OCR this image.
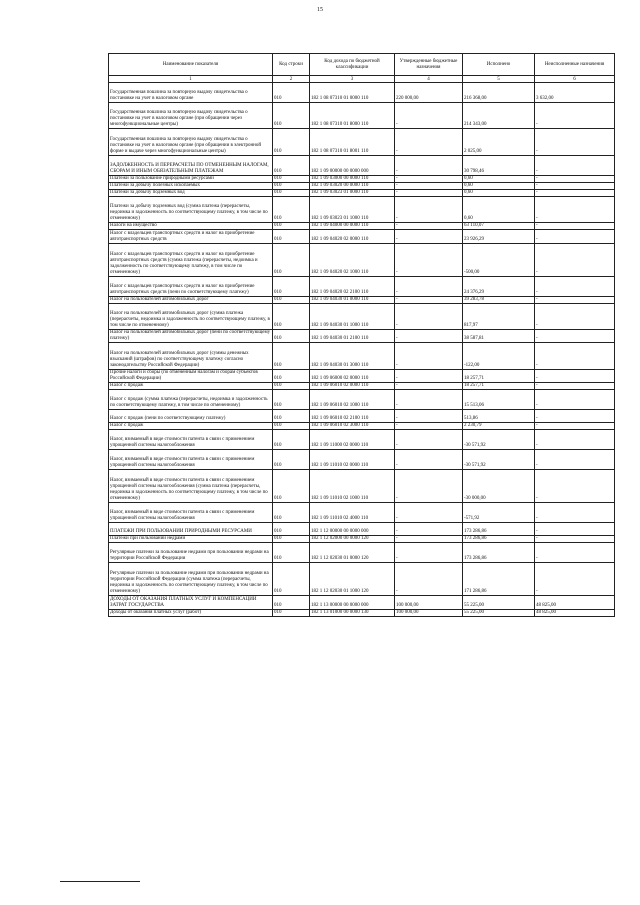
15
Наименование показателя	Код строки	Код дохода по бюджетной классификации	Утвержденные бюджетные назначения	Исполнено	Неисполненные назначения
1	2	3	4	5	6
Государственная пошлина за повторную выдачу свидетельства о постановке на учет в налоговом органе	010	182 1 08 07310 01 0000 110	220 000,00	216 368,00	3 632,00
Государственная пошлина за повторную выдачу свидетельства о постановке на учет в налоговом органе (при обращении через многофункциональные центры)	010	182 1 08 07310 01 8000 110	-	214 343,00	-
Государственная пошлина за повторную выдачу свидетельства о постановке на учет в налоговом органе (при обращении в электронной форме и выдаче через многофункциональные центры)	010	182 1 08 07310 01 8001 110	-	2 025,00	-
ЗАДОЛЖЕННОСТЬ И ПЕРЕРАСЧЕТЫ ПО ОТМЕНЕННЫМ НАЛОГАМ, СБОРАМ И ИНЫМ ОБЯЗАТЕЛЬНЫМ ПЛАТЕЖАМ	010	182 1 09 00000 00 0000 000	-	30 798,46	-
Платежи за пользование природными ресурсами	010	182 1 09 03000 00 0000 110	-	0,60	-
Платежи за добычу полезных ископаемых	010	182 1 09 03020 00 0000 110	-	0,60	-
Платежи за добычу подземных вод	010	182 1 09 03023 01 0000 110	-	0,60	-
Платежи за добычу подземных вод (сумма платежа (перерасчеты, недоимка и задолженность по соответствующему платежу, в том числе по отмененному)	010	182 1 09 03023 01 1000 110	-	0,60	-
Налоги на имущество	010	182 1 09 04000 00 0000 110	-	63 110,07	-
Налог с владельцев транспортных средств и налог на приобретение автотранспортных средств	010	182 1 09 04020 02 0000 110	-	23 926,29	-
Налог с владельцев транспортных средств и налог на приобретение автотранспортных средств (сумма платежа (перерасчеты, недоимка и задолженность по соответствующему платежу, в том числе по отмененному)	010	182 1 09 04020 02 1000 110	-	-500,00	-
Налог с владельцев транспортных средств и налог на приобретение автотранспортных средств (пени по соответствующему платежу)	010	182 1 09 04020 02 2100 110	-	24 376,29	-
Налог на пользователей автомобильных дорог	010	182 1 09 04030 01 0000 110	-	39 283,78	-
Налог на пользователей автомобильных дорог (сумма платежа (перерасчеты, недоимка и задолженность по соответствующему платежу, в том числе по отмененному)	010	182 1 09 04030 01 1000 110	-	817,97	-
Налог на пользователей автомобильных дорог (пени по соответствующему платежу)	010	182 1 09 04030 01 2100 110	-	38 587,81	-
Налог на пользователей автомобильных дорог (суммы денежных взысканий (штрафов) по соответствующему платежу согласно законодательству Российской Федерации)	010	182 1 09 04030 01 3000 110	-	-122,00	-
Прочие налоги и сборы (по отмененным налогам и сборам субъектов Российской Федерации)	010	182 1 09 06000 02 0000 110	-	18 257,71	-
Налог с продаж	010	182 1 09 06010 02 0000 110	-	18 257,71	-
Налог с продаж (сумма платежа (перерасчеты, недоимка и задолженность по соответствующему платежу, в том числе по отмененному)	010	182 1 09 06010 02 1000 110	-	15 513,06	-
Налог с продаж (пени по соответствующему платежу)	010	182 1 09 06010 02 2100 110	-	513,86	-
Налог с продаж	010	182 1 09 06010 02 3000 110	-	2 230,79	-
Налог, взимаемый в виде стоимости патента в связи с применением упрощенной системы налогообложения	010	182 1 09 11000 02 0000 110	-	-30 571,92	-
Налог, взимаемый в виде стоимости патента в связи с применением упрощенной системы налогообложения	010	182 1 09 11010 02 0000 110	-	-30 571,92	-
Налог, взимаемый в виде стоимости патента в связи с применением упрощенной системы налогообложения (сумма платежа (перерасчеты, недоимка и задолженность по соответствующему платежу, в том числе по отмененному)	010	182 1 09 11010 02 1000 110	-	-30 000,00	-
Налог, взимаемый в виде стоимости патента в связи с применением упрощенной системы налогообложения	010	182 1 09 11010 02 4000 110	-	-571,92	-
ПЛАТЕЖИ ПРИ ПОЛЬЗОВАНИИ ПРИРОДНЫМИ РЕСУРСАМИ	010	182 1 12 00000 00 0000 000	-	173 286,86	-
Платежи при пользовании недрами	010	182 1 12 02000 00 0000 120	-	173 286,86	-
Регулярные платежи за пользование недрами при пользовании недрами на территории Российской Федерации	010	182 1 12 02030 01 0000 120	-	173 286,86	-
Регулярные платежи за пользование недрами при пользовании недрами на территории Российской Федерации (сумма платежа (перерасчеты, недоимка и задолженность по соответствующему платежу, в том числе по отмененному)	010	182 1 12 02030 01 1000 120	-	171 286,86	-
ДОХОДЫ ОТ ОКАЗАНИЯ ПЛАТНЫХ УСЛУГ И КОМПЕНСАЦИИ ЗАТРАТ ГОСУДАРСТВА	010	182 1 13 00000 00 0000 000	100 000,00	55 225,00	48 825,00
Доходы от оказания платных услуг (работ)	010	182 1 13 01000 00 0000 130	100 000,00	55 225,00	48 825,00
